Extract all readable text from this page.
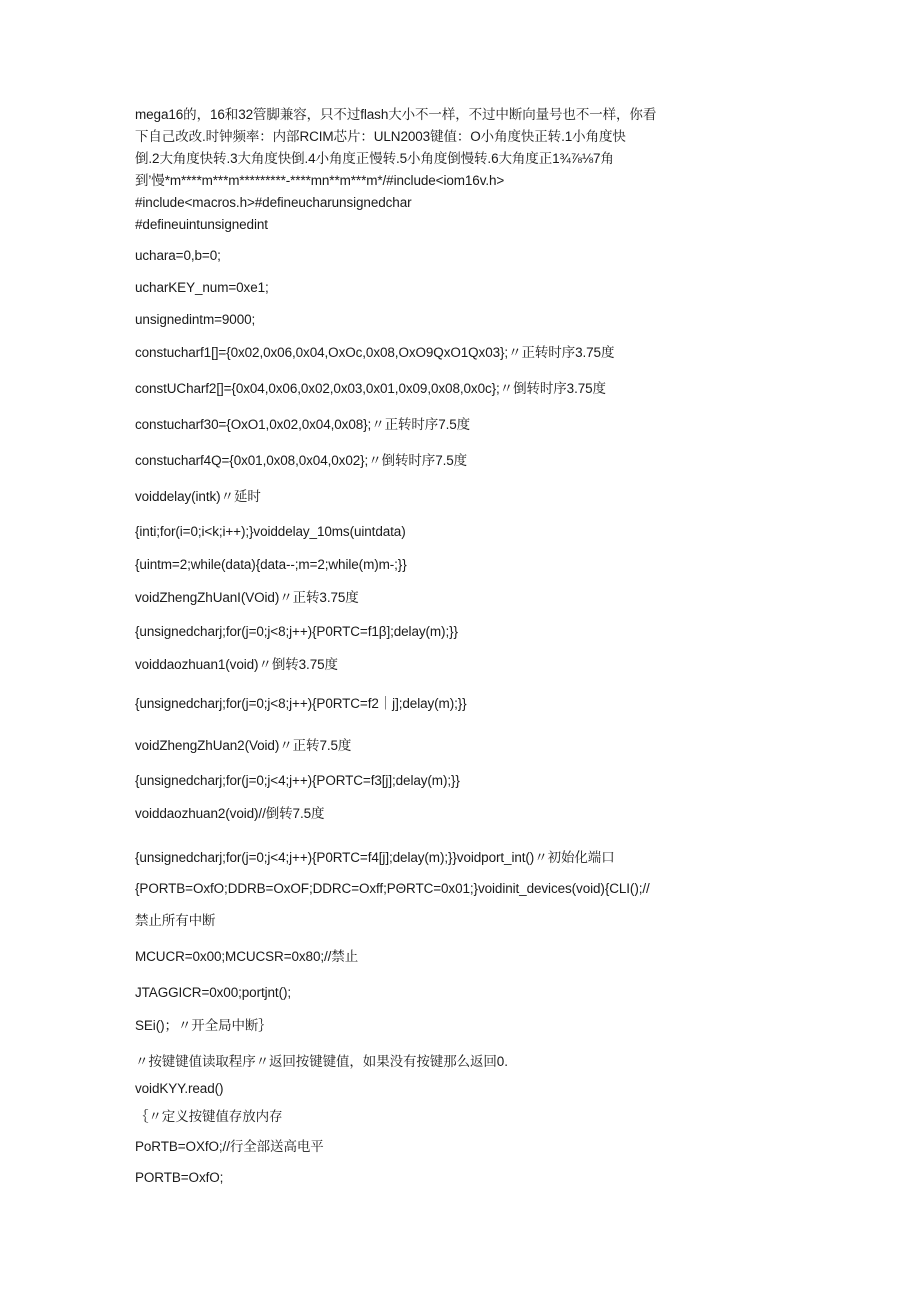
mega16的，16和32管脚兼容，只不过flash大小不一样，不过中断向量号也不一样，你看
下自己改改.时钟频率：内部RCIM芯片：ULN2003键值：O小角度快正转.1小角度快
倒.2大角度快转.3大角度快倒.4小角度正慢转.5小角度倒慢转.6大角度正1¾⅞⅛7角
到’慢*m****m***m*********-****mn**m***m*/#include<iom16v.h>
#include<macros.h>#defineucharunsignedchar
#defineuintunsignedint
uchara=0,b=0;
ucharKEY_num=0xe1;
unsignedintm=9000;
constucharf1[]={0x02,0x06,0x04,OxOc,0x08,OxO9QxO1Qx03};〃正转时序3.75度
constUCharf2[]={0x04,0x06,0x02,0x03,0x01,0x09,0x08,0x0c};〃倒转时序3.75度
constucharf30={OxO1,0x02,0x04,0x08};〃正转时序7.5度
constucharf4Q={0x01,0x08,0x04,0x02};〃倒转时序7.5度
voiddelay(intk)〃延时
{inti;for(i=0;i<k;i++);}voiddelay_10ms(uintdata)
{uintm=2;while(data){data--;m=2;while(m)m-;}}
voidZhengZhUanI(VOid)〃正转3.75度
{unsignedcharj;for(j=0;j<8;j++){P0RTC=f1β];delay(m);}}
voiddaozhuan1(void)〃倒转3.75度
{unsignedcharj;for(j=0;j<8;j++){P0RTC=f2｜j];delay(m);}}
voidZhengZhUan2(Void)〃正转7.5度
{unsignedcharj;for(j=0;j<4;j++){PORTC=f3[j];delay(m);}}
voiddaozhuan2(void)//倒转7.5度
{unsignedcharj;for(j=0;j<4;j++){P0RTC=f4[j];delay(m);}}voidport_int()〃初始化端口
{PORTB=OxfO;DDRB=OxOF;DDRC=Oxff;PΘRTC=0x01;}voidinit_devices(void){CLI();//
禁止所有中断
MCUCR=0x00;MCUCSR=0x80;//禁止
JTAGGICR=0x00;portjnt();
SEi()；〃开全局中断｝
〃按键键值读取程序〃返回按键键值，如果没有按键那么返回0.
voidKYY.read()
｛〃定义按键值存放内存
PoRTB=OXfO;//行全部送高电平
PORTB=OxfO;
